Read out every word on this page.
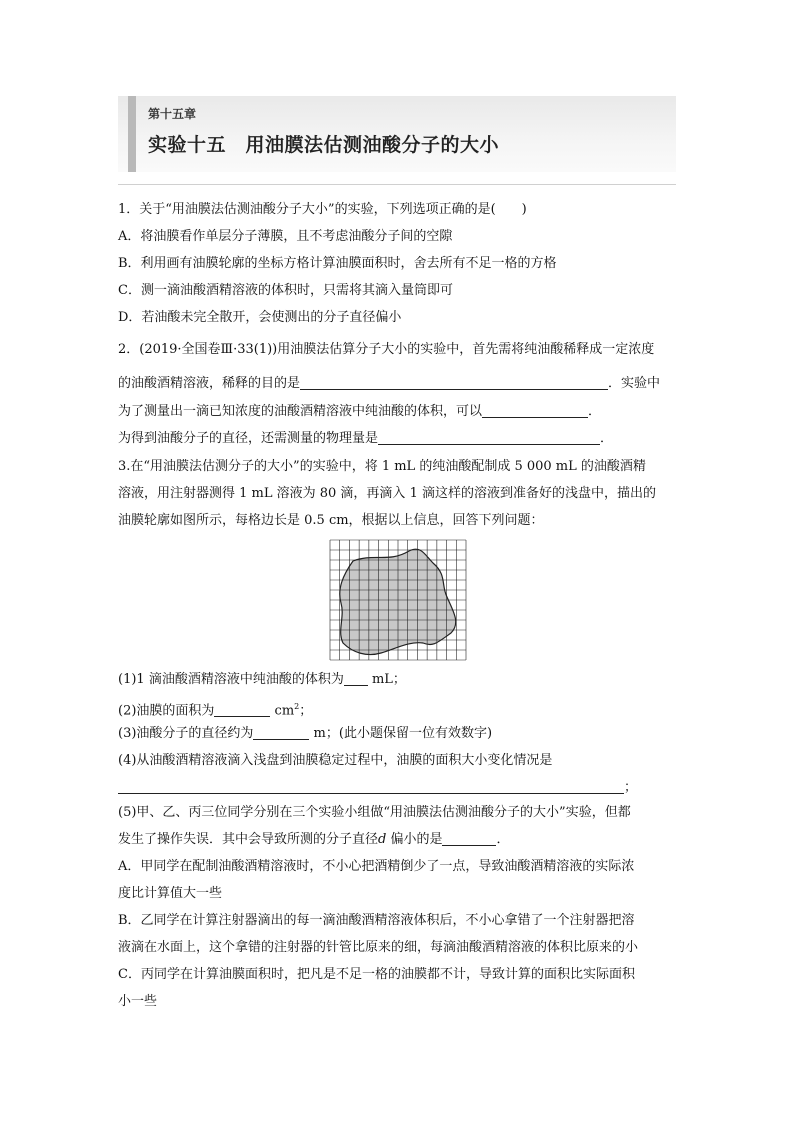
第十五章
实验十五　用油膜法估测油酸分子的大小
1．关于“用油膜法估测油酸分子大小”的实验，下列选项正确的是(　　)
A．将油膜看作单层分子薄膜，且不考虑油酸分子间的空隙
B．利用画有油膜轮廓的坐标方格计算油膜面积时，舍去所有不足一格的方格
C．测一滴油酸酒精溶液的体积时，只需将其滴入量筒即可
D．若油酸未完全散开，会使测出的分子直径偏小
2．(2019·全国卷Ⅲ·33(1))用油膜法估算分子大小的实验中，首先需将纯油酸稀释成一定浓度
的油酸酒精溶液，稀释的目的是	．实验中
为了测量出一滴已知浓度的油酸酒精溶液中纯油酸的体积，可以	．
为得到油酸分子的直径，还需测量的物理量是	．
3.在“用油膜法估测分子的大小”的实验中，将 1 mL 的纯油酸配制成 5 000 mL 的油酸酒精
溶液，用注射器测得 1 mL 溶液为 80 滴，再滴入 1 滴这样的溶液到准备好的浅盘中，描出的
油膜轮廓如图所示，每格边长是 0.5 cm，根据以上信息，回答下列问题：
(1)1 滴油酸酒精溶液中纯油酸的体积为 mL；
(2)油膜的面积为	$cm^2$；
(3)油酸分子的直径约为	m；(此小题保留一位有效数字)
(4)从油酸酒精溶液滴入浅盘到油膜稳定过程中，油膜的面积大小变化情况是
；
(5)甲、乙、丙三位同学分别在三个实验小组做“用油膜法估测油酸分子的大小”实验，但都
发生了操作失误．其中会导致所测的分子直径d 偏小的是	．
A．甲同学在配制油酸酒精溶液时，不小心把酒精倒少了一点，导致油酸酒精溶液的实际浓
度比计算值大一些
B．乙同学在计算注射器滴出的每一滴油酸酒精溶液体积后，不小心拿错了一个注射器把溶
液滴在水面上，这个拿错的注射器的针管比原来的细，每滴油酸酒精溶液的体积比原来的小
C．丙同学在计算油膜面积时，把凡是不足一格的油膜都不计，导致计算的面积比实际面积
小一些
